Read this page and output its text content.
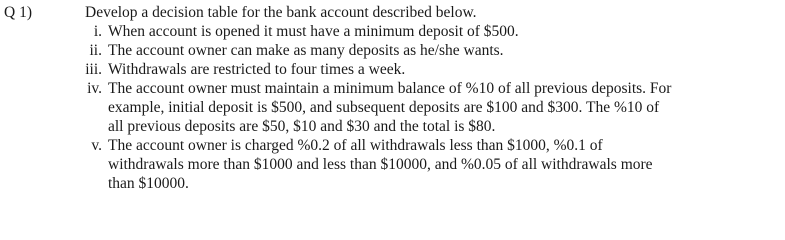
Q 1)	Develop a decision table for the bank account described below.
i. When account is opened it must have a minimum deposit of $500.
ii. The account owner can make as many deposits as he/she wants.
iii. Withdrawals are restricted to four times a week.
iv. The account owner must maintain a minimum balance of %10 of all previous deposits. For
example, initial deposit is $500, and subsequent deposits are $100 and $300. The %10 of
all previous deposits are $50, $10 and $30 and the total is $80.
v. The account owner is charged %0.2 of all withdrawals less than $1000, %0.1 of
withdrawals more than $1000 and less than $10000, and %0.05 of all withdrawals more
than $10000.
